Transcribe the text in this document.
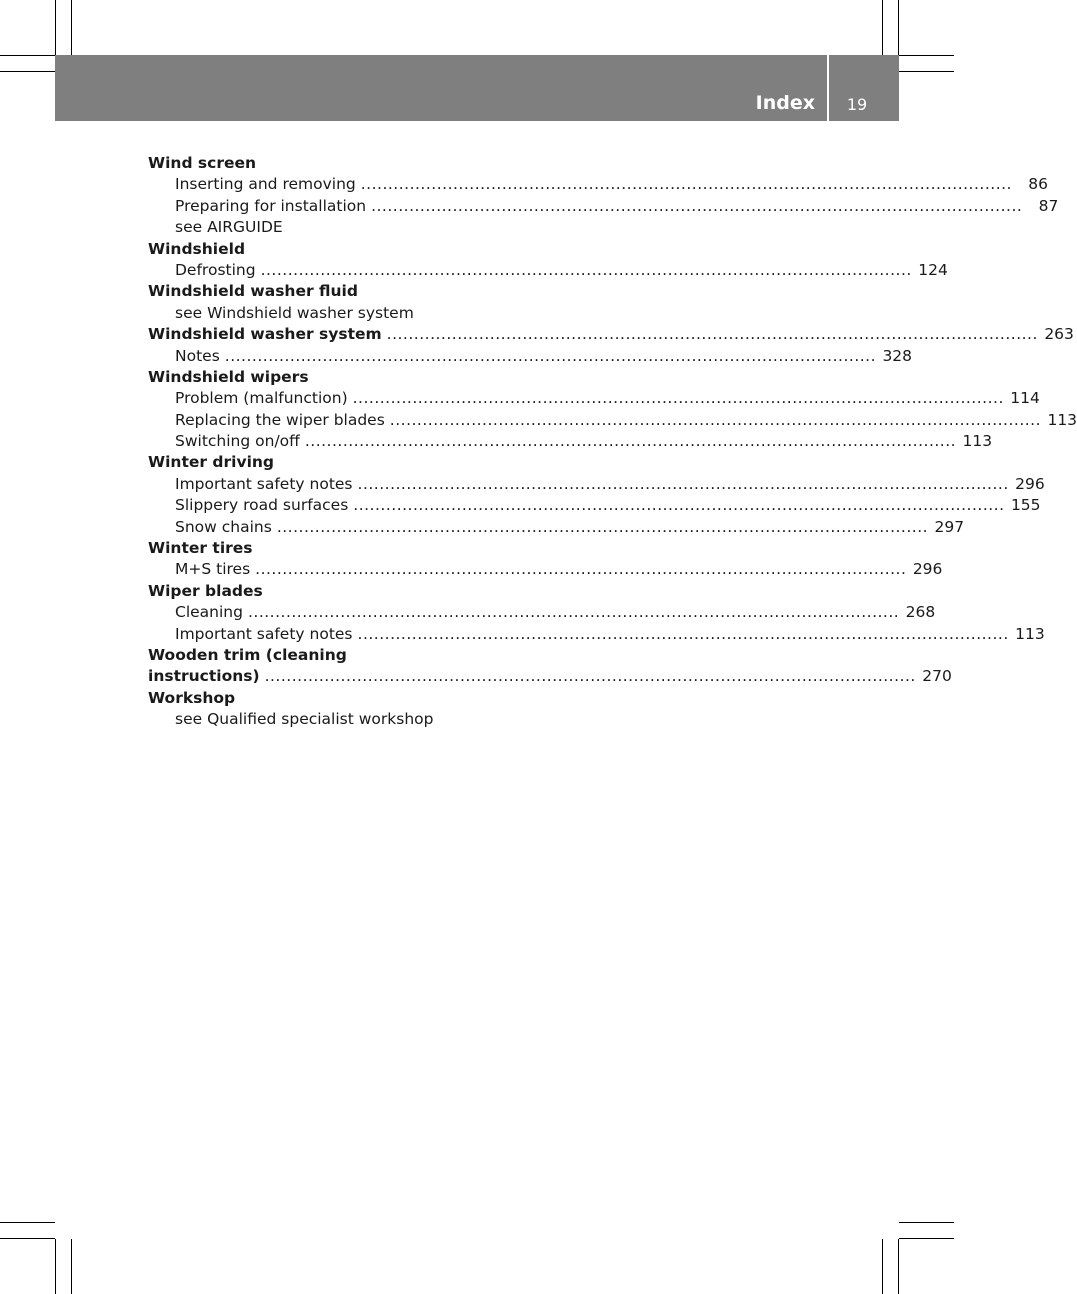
Index	19
Wind screen
Inserting and removing ........................................................................................................................	86
Preparing for installation ........................................................................................................................	87
see AIRGUIDE
Windshield
Defrosting ........................................................................................................................ 124
Windshield washer fluid
see Windshield washer system
Windshield washer system ........................................................................................................................ 263
Notes ........................................................................................................................ 328
Windshield wipers
Problem (malfunction) ........................................................................................................................ 114
Replacing the wiper blades ........................................................................................................................ 113
Switching on/off ........................................................................................................................ 113
Winter driving
Important safety notes ........................................................................................................................ 296
Slippery road surfaces ........................................................................................................................ 155
Snow chains ........................................................................................................................ 297
Winter tires
M+S tires ........................................................................................................................ 296
Wiper blades
Cleaning ........................................................................................................................ 268
Important safety notes ........................................................................................................................ 113
Wooden trim (cleaning
instructions) ........................................................................................................................ 270
Workshop
see Qualified specialist workshop
